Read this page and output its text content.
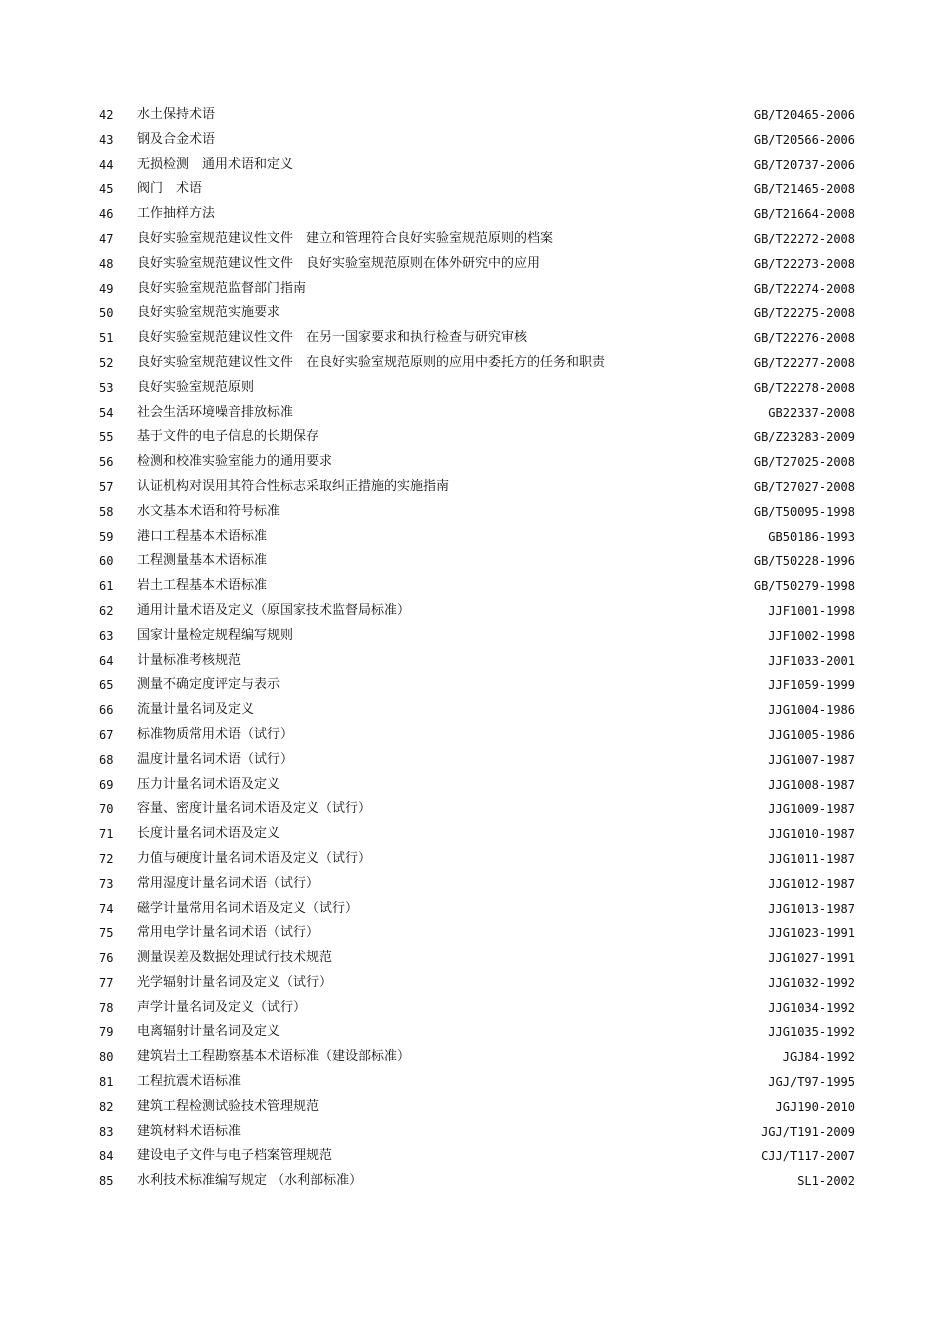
42	水土保持术语	GB/T20465-2006
43	钢及合金术语	GB/T20566-2006
44	无损检测　通用术语和定义	GB/T20737-2006
45	阀门　术语	GB/T21465-2008
46	工作抽样方法	GB/T21664-2008
47	良好实验室规范建议性文件　建立和管理符合良好实验室规范原则的档案	GB/T22272-2008
48	良好实验室规范建议性文件　良好实验室规范原则在体外研究中的应用	GB/T22273-2008
49	良好实验室规范监督部门指南	GB/T22274-2008
50	良好实验室规范实施要求	GB/T22275-2008
51	良好实验室规范建议性文件　在另一国家要求和执行检查与研究审核	GB/T22276-2008
52	良好实验室规范建议性文件　在良好实验室规范原则的应用中委托方的任务和职责	GB/T22277-2008
53	良好实验室规范原则	GB/T22278-2008
54	社会生活环境噪音排放标准	GB22337-2008
55	基于文件的电子信息的长期保存	GB/Z23283-2009
56	检测和校准实验室能力的通用要求	GB/T27025-2008
57	认证机构对误用其符合性标志采取纠正措施的实施指南	GB/T27027-2008
58	水文基本术语和符号标准	GB/T50095-1998
59	港口工程基本术语标准	GB50186-1993
60	工程测量基本术语标准	GB/T50228-1996
61	岩土工程基本术语标准	GB/T50279-1998
62	通用计量术语及定义（原国家技术监督局标准）	JJF1001-1998
63	国家计量检定规程编写规则	JJF1002-1998
64	计量标准考核规范	JJF1033-2001
65	测量不确定度评定与表示	JJF1059-1999
66	流量计量名词及定义	JJG1004-1986
67	标准物质常用术语（试行）	JJG1005-1986
68	温度计量名词术语（试行）	JJG1007-1987
69	压力计量名词术语及定义	JJG1008-1987
70	容量、密度计量名词术语及定义（试行）	JJG1009-1987
71	长度计量名词术语及定义	JJG1010-1987
72	力值与硬度计量名词术语及定义（试行）	JJG1011-1987
73	常用湿度计量名词术语（试行）	JJG1012-1987
74	磁学计量常用名词术语及定义（试行）	JJG1013-1987
75	常用电学计量名词术语（试行）	JJG1023-1991
76	测量误差及数据处理试行技术规范	JJG1027-1991
77	光学辐射计量名词及定义（试行）	JJG1032-1992
78	声学计量名词及定义（试行）	JJG1034-1992
79	电离辐射计量名词及定义	JJG1035-1992
80	建筑岩土工程勘察基本术语标准（建设部标准）	JGJ84-1992
81	工程抗震术语标准	JGJ/T97-1995
82	建筑工程检测试验技术管理规范	JGJ190-2010
83	建筑材料术语标准	JGJ/T191-2009
84	建设电子文件与电子档案管理规范	CJJ/T117-2007
85	水利技术标准编写规定 （水利部标准）	SL1-2002
